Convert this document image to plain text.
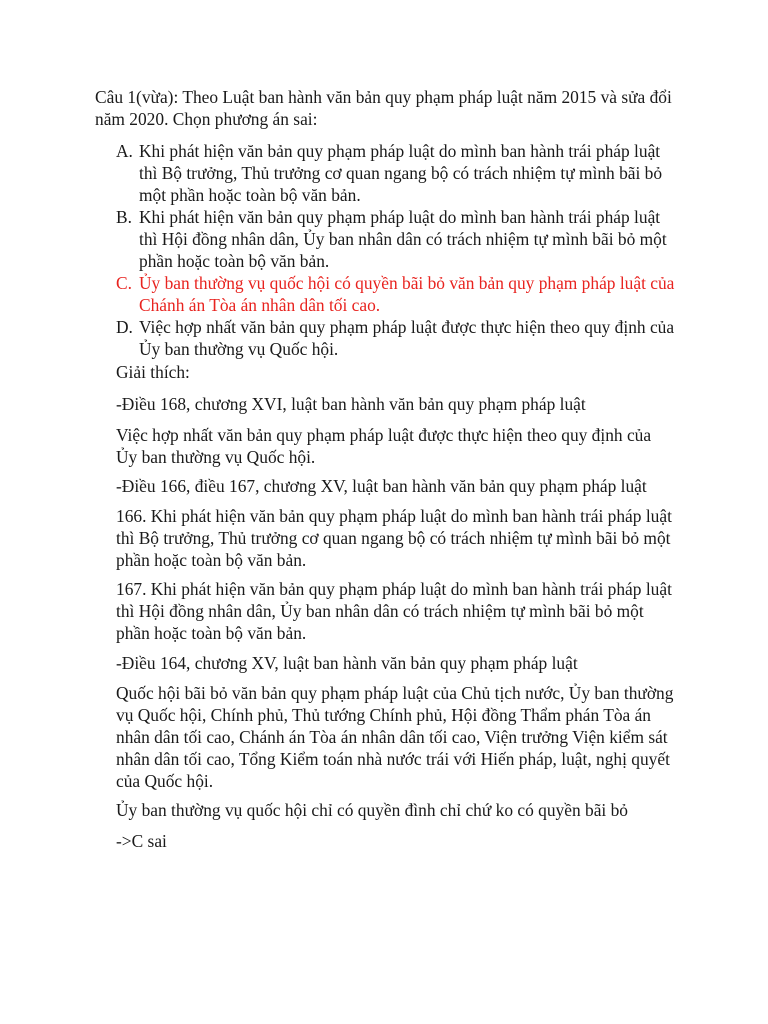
Câu 1(vừa): Theo Luật ban hành văn bản quy phạm pháp luật năm 2015 và sửa đổi năm 2020. Chọn phương án sai:

A. Khi phát hiện văn bản quy phạm pháp luật do mình ban hành trái pháp luật thì Bộ trưởng, Thủ trưởng cơ quan ngang bộ có trách nhiệm tự mình bãi bỏ một phần hoặc toàn bộ văn bản.
B. Khi phát hiện văn bản quy phạm pháp luật do mình ban hành trái pháp luật thì Hội đồng nhân dân, Ủy ban nhân dân có trách nhiệm tự mình bãi bỏ một phần hoặc toàn bộ văn bản.
C. Ủy ban thường vụ quốc hội có quyền bãi bỏ văn bản quy phạm pháp luật của Chánh án Tòa án nhân dân tối cao.
D. Việc hợp nhất văn bản quy phạm pháp luật được thực hiện theo quy định của Ủy ban thường vụ Quốc hội.

Giải thích:

-Điều 168, chương XVI, luật ban hành văn bản quy phạm pháp luật

Việc hợp nhất văn bản quy phạm pháp luật được thực hiện theo quy định của Ủy ban thường vụ Quốc hội.

-Điều 166, điều 167, chương XV, luật ban hành văn bản quy phạm pháp luật

166. Khi phát hiện văn bản quy phạm pháp luật do mình ban hành trái pháp luật thì Bộ trưởng, Thủ trưởng cơ quan ngang bộ có trách nhiệm tự mình bãi bỏ một phần hoặc toàn bộ văn bản.

167. Khi phát hiện văn bản quy phạm pháp luật do mình ban hành trái pháp luật thì Hội đồng nhân dân, Ủy ban nhân dân có trách nhiệm tự mình bãi bỏ một phần hoặc toàn bộ văn bản.

-Điều 164, chương XV, luật ban hành văn bản quy phạm pháp luật

Quốc hội bãi bỏ văn bản quy phạm pháp luật của Chủ tịch nước, Ủy ban thường vụ Quốc hội, Chính phủ, Thủ tướng Chính phủ, Hội đồng Thẩm phán Tòa án nhân dân tối cao, Chánh án Tòa án nhân dân tối cao, Viện trưởng Viện kiểm sát nhân dân tối cao, Tổng Kiểm toán nhà nước trái với Hiến pháp, luật, nghị quyết của Quốc hội.

Ủy ban thường vụ quốc hội chỉ có quyền đình chỉ chứ ko có quyền bãi bỏ

->C sai
